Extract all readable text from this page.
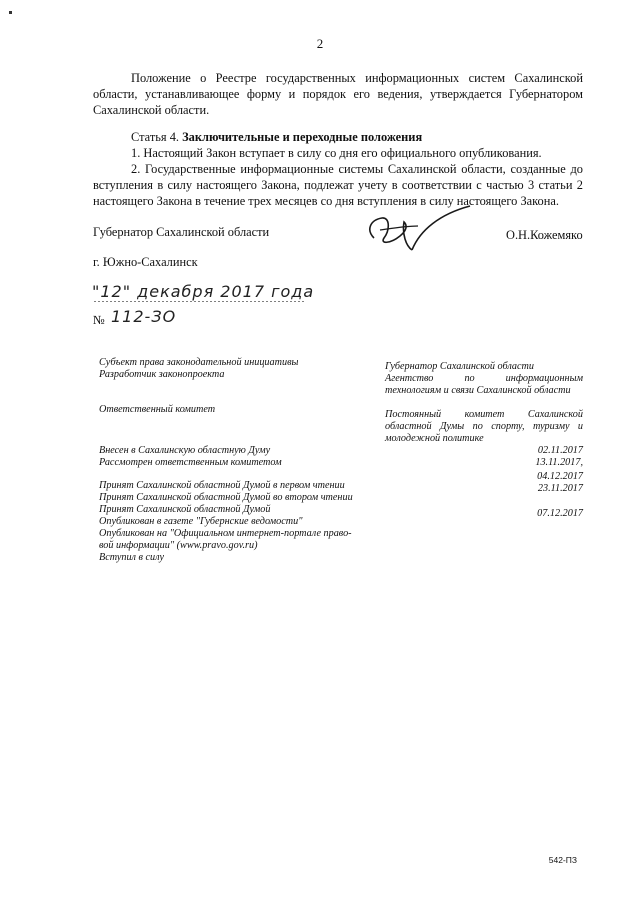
2
Положение о Реестре государственных информационных систем Сахалинской области, устанавливающее форму и порядок его ведения, утверждается Губернатором Сахалинской области.
Статья 4. Заключительные и переходные положения
1. Настоящий Закон вступает в силу со дня его официального опубликования.
2. Государственные информационные системы Сахалинской области, созданные до вступления в силу настоящего Закона, подлежат учету в соответствии с частью 3 статьи 2 настоящего Закона в течение трех месяцев со дня вступления в силу настоящего Закона.
Губернатор Сахалинской области	О.Н.Кожемяко
г. Южно-Сахалинск
"12" декабря 2017 года
№ 112-ЗО
Субъект права законодательной инициативы
Разработчик законопроекта
Ответственный комитет
Внесен в Сахалинскую областную Думу
Рассмотрен ответственным комитетом
Принят Сахалинской областной Думой в первом чтении
Принят Сахалинской областной Думой во втором чтении
Принят Сахалинской областной Думой
Опубликован в газете "Губернские ведомости"
Опубликован на "Официальном интернет-портале право-
вой информации" (www.pravo.gov.ru)
Вступил в силу
Губернатор Сахалинской области
Агентство по информационным технологиям и связи Сахалинской области
Постоянный комитет Сахалинской областной Думы по спорту, туризму и молодежной политике
02.11.2017
13.11.2017,
04.12.2017
23.11.2017
07.12.2017
542-ПЗ
